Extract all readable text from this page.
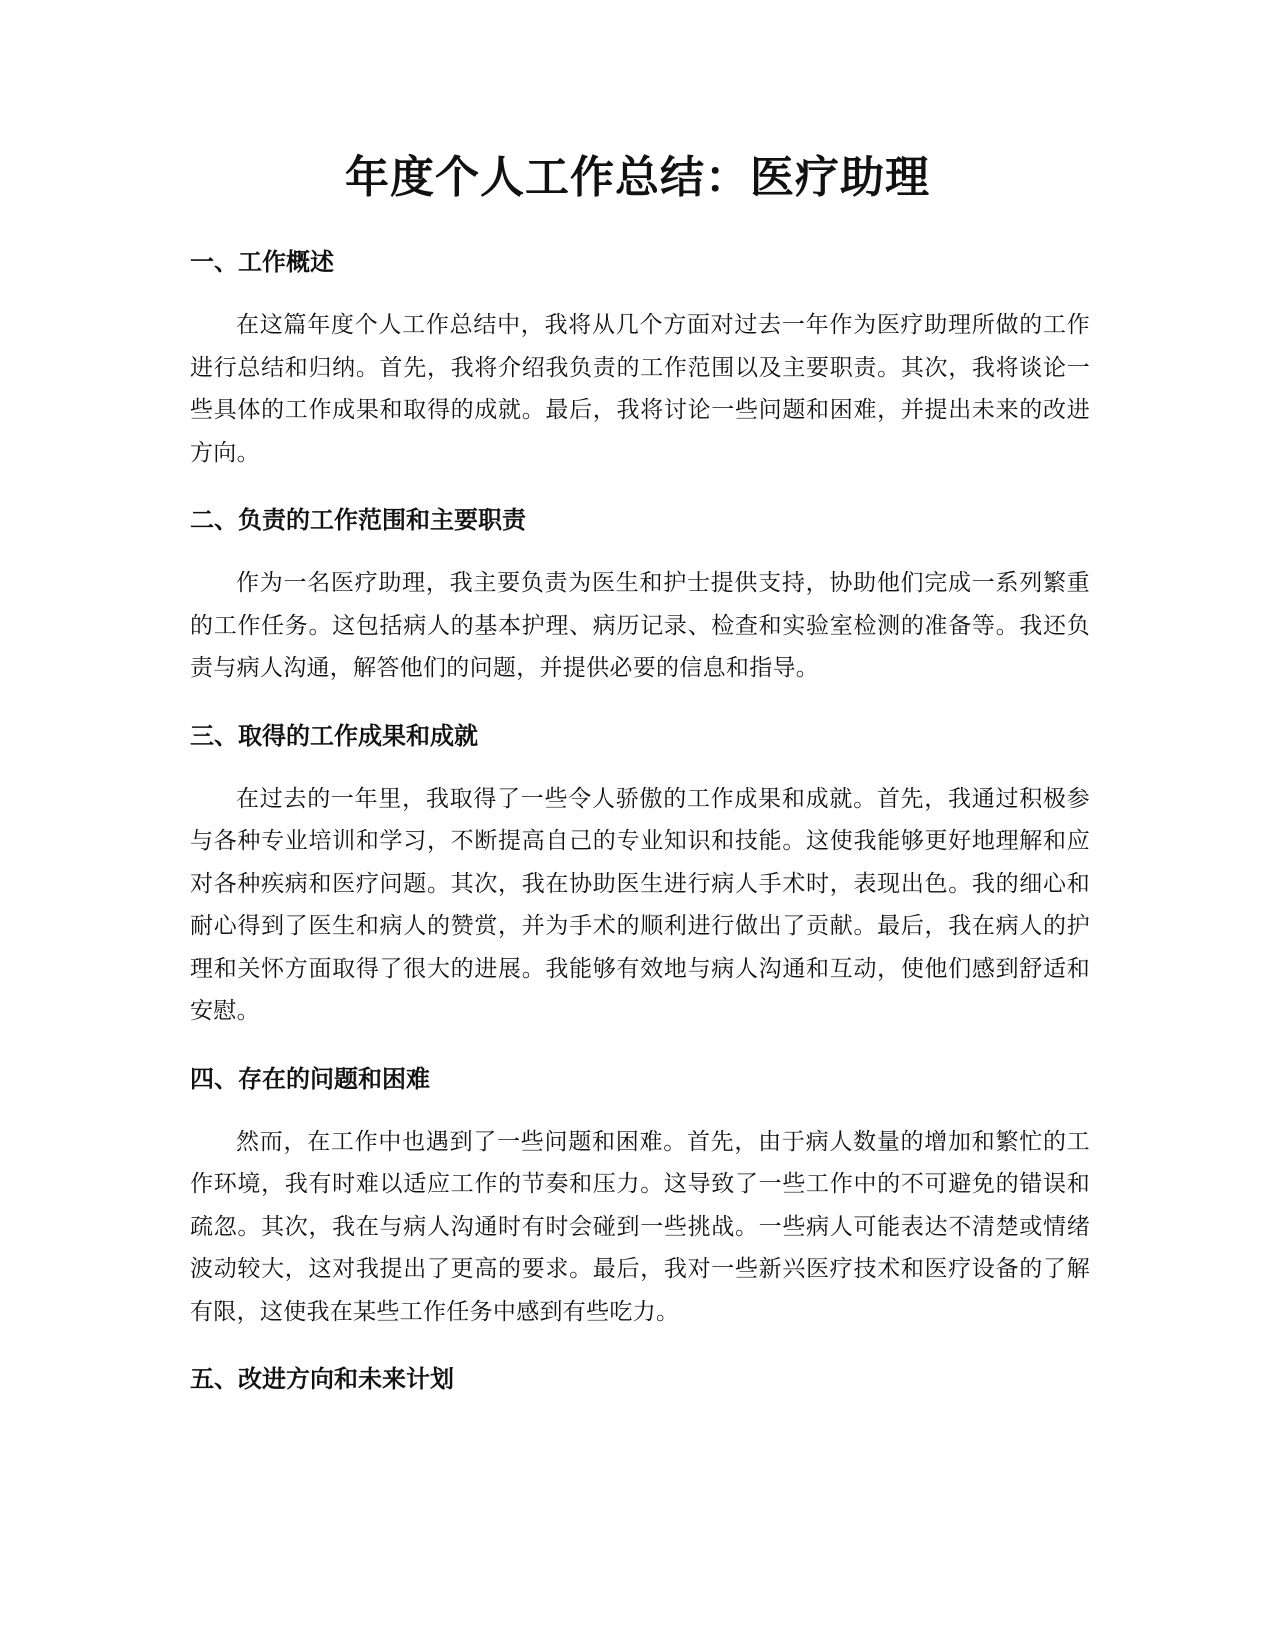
年度个人工作总结：医疗助理
一、工作概述

在这篇年度个人工作总结中，我将从几个方面对过去一年作为医疗助理所做的工作进行总结和归纳。首先，我将介绍我负责的工作范围以及主要职责。其次，我将谈论一些具体的工作成果和取得的成就。最后，我将讨论一些问题和困难，并提出未来的改进方向。

二、负责的工作范围和主要职责

作为一名医疗助理，我主要负责为医生和护士提供支持，协助他们完成一系列繁重的工作任务。这包括病人的基本护理、病历记录、检查和实验室检测的准备等。我还负责与病人沟通，解答他们的问题，并提供必要的信息和指导。

三、取得的工作成果和成就

在过去的一年里，我取得了一些令人骄傲的工作成果和成就。首先，我通过积极参与各种专业培训和学习，不断提高自己的专业知识和技能。这使我能够更好地理解和应对各种疾病和医疗问题。其次，我在协助医生进行病人手术时，表现出色。我的细心和耐心得到了医生和病人的赞赏，并为手术的顺利进行做出了贡献。最后，我在病人的护理和关怀方面取得了很大的进展。我能够有效地与病人沟通和互动，使他们感到舒适和安慰。

四、存在的问题和困难

然而，在工作中也遇到了一些问题和困难。首先，由于病人数量的增加和繁忙的工作环境，我有时难以适应工作的节奏和压力。这导致了一些工作中的不可避免的错误和疏忽。其次，我在与病人沟通时有时会碰到一些挑战。一些病人可能表达不清楚或情绪波动较大，这对我提出了更高的要求。最后，我对一些新兴医疗技术和医疗设备的了解有限，这使我在某些工作任务中感到有些吃力。

五、改进方向和未来计划
